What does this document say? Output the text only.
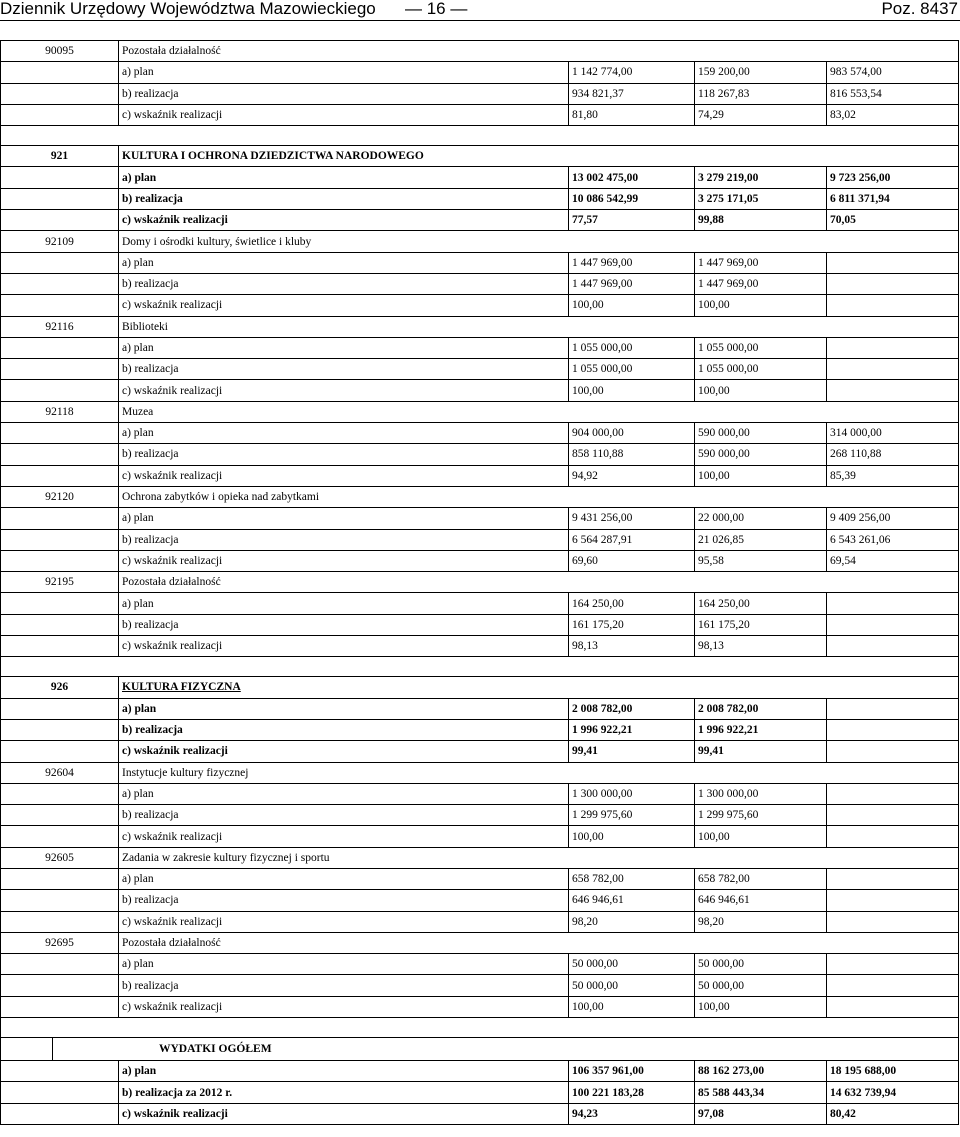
Dziennik Urzędowy Województwa Mazowieckiego — 16 —	Poz. 8437
90095		Pozostała działalność			
		a) plan	1 142 774,00	159 200,00	983 574,00
		b) realizacja	934 821,37	118 267,83	816 553,54
		c) wskaźnik realizacji	81,80	74,29	83,02

921		KULTURA I OCHRONA DZIEDZICTWA NARODOWEGO			
		a) plan	13 002 475,00	3 279 219,00	9 723 256,00
		b) realizacja	10 086 542,99	3 275 171,05	6 811 371,94
		c) wskaźnik realizacji	77,57	99,88	70,05
92109		Domy i ośrodki kultury, świetlice i kluby			
		a) plan	1 447 969,00	1 447 969,00	
		b) realizacja	1 447 969,00	1 447 969,00	
		c) wskaźnik realizacji	100,00	100,00	
92116		Biblioteki			
		a) plan	1 055 000,00	1 055 000,00	
		b) realizacja	1 055 000,00	1 055 000,00	
		c) wskaźnik realizacji	100,00	100,00	
92118		Muzea			
		a) plan	904 000,00	590 000,00	314 000,00
		b) realizacja	858 110,88	590 000,00	268 110,88
		c) wskaźnik realizacji	94,92	100,00	85,39
92120		Ochrona zabytków i opieka nad zabytkami			
		a) plan	9 431 256,00	22 000,00	9 409 256,00
		b) realizacja	6 564 287,91	21 026,85	6 543 261,06
		c) wskaźnik realizacji	69,60	95,58	69,54
92195		Pozostała działalność			
		a) plan	164 250,00	164 250,00	
		b) realizacja	161 175,20	161 175,20	
		c) wskaźnik realizacji	98,13	98,13	

926		KULTURA FIZYCZNA			
		a) plan	2 008 782,00	2 008 782,00	
		b) realizacja	1 996 922,21	1 996 922,21	
		c) wskaźnik realizacji	99,41	99,41	
92604		Instytucje kultury fizycznej			
		a) plan	1 300 000,00	1 300 000,00	
		b) realizacja	1 299 975,60	1 299 975,60	
		c) wskaźnik realizacji	100,00	100,00	
92605		Zadania w zakresie kultury fizycznej i sportu			
		a) plan	658 782,00	658 782,00	
		b) realizacja	646 946,61	646 946,61	
		c) wskaźnik realizacji	98,20	98,20	
92695		Pozostała działalność			
		a) plan	50 000,00	50 000,00	
		b) realizacja	50 000,00	50 000,00	
		c) wskaźnik realizacji	100,00	100,00	

	WYDATKI OGÓŁEM				
		a) plan	106 357 961,00	88 162 273,00	18 195 688,00
		b) realizacja za 2012 r.	100 221 183,28	85 588 443,34	14 632 739,94
		c) wskaźnik realizacji	94,23	97,08	80,42
